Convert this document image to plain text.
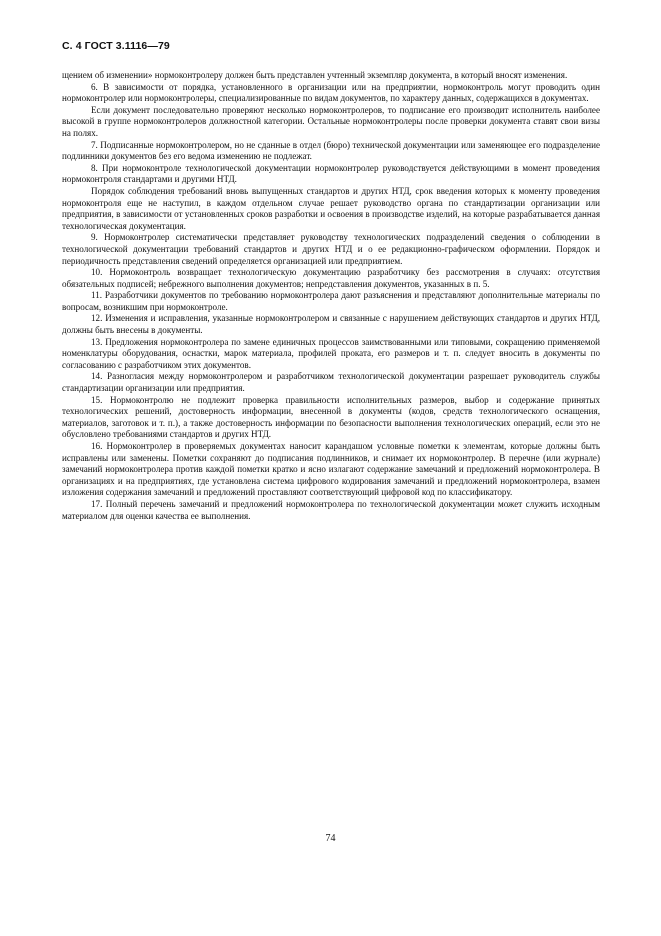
С. 4 ГОСТ 3.1116—79

щением об изменении» нормоконтролеру должен быть представлен учтенный экземпляр документа, в который вносят изменения.

6. В зависимости от порядка, установленного в организации или на предприятии, нормоконтроль могут проводить один нормоконтролер или нормоконтролеры, специализированные по видам документов, по характеру данных, содержащихся в документах.

Если документ последовательно проверяют несколько нормоконтролеров, то подписание его производит исполнитель наиболее высокой в группе нормоконтролеров должностной категории. Остальные нормоконтролеры после проверки документа ставят свои визы на полях.

7. Подписанные нормоконтролером, но не сданные в отдел (бюро) технической документации или заменяющее его подразделение подлинники документов без его ведома изменению не подлежат.

8. При нормоконтроле технологической документации нормоконтролер руководствуется действующими в момент проведения нормоконтроля стандартами и другими НТД.

Порядок соблюдения требований вновь выпущенных стандартов и других НТД, срок введения которых к моменту проведения нормоконтроля еще не наступил, в каждом отдельном случае решает руководство органа по стандартизации организации или предприятия, в зависимости от установленных сроков разработки и освоения в производстве изделий, на которые разрабатывается данная технологическая документация.

9. Нормоконтролер систематически представляет руководству технологических подразделений сведения о соблюдении в технологической документации требований стандартов и других НТД и о ее редакционно-графическом оформлении. Порядок и периодичность представления сведений определяется организацией или предприятием.

10. Нормоконтроль возвращает технологическую документацию разработчику без рассмотрения в случаях: отсутствия обязательных подписей; небрежного выполнения документов; непредставления документов, указанных в п. 5.

11. Разработчики документов по требованию нормоконтролера дают разъяснения и представляют дополнительные материалы по вопросам, возникшим при нормоконтроле.

12. Изменения и исправления, указанные нормоконтролером и связанные с нарушением действующих стандартов и других НТД, должны быть внесены в документы.

13. Предложения нормоконтролера по замене единичных процессов заимствованными или типовыми, сокращению применяемой номенклатуры оборудования, оснастки, марок материала, профилей проката, его размеров и т. п. следует вносить в документы по согласованию с разработчиком этих документов.

14. Разногласия между нормоконтролером и разработчиком технологической документации разрешает руководитель службы стандартизации организации или предприятия.

15. Нормоконтролю не подлежит проверка правильности исполнительных размеров, выбор и содержание принятых технологических решений, достоверность информации, внесенной в документы (кодов, средств технологического оснащения, материалов, заготовок и т. п.), а также достоверность информации по безопасности выполнения технологических операций, если это не обусловлено требованиями стандартов и других НТД.

16. Нормоконтролер в проверяемых документах наносит карандашом условные пометки к элементам, которые должны быть исправлены или заменены. Пометки сохраняют до подписания подлинников, и снимает их нормоконтролер. В перечне (или журнале) замечаний нормоконтролера против каждой пометки кратко и ясно излагают содержание замечаний и предложений нормоконтролера. В организациях и на предприятиях, где установлена система цифрового кодирования замечаний и предложений нормоконтролера, взамен изложения содержания замечаний и предложений проставляют соответствующий цифровой код по классификатору.

17. Полный перечень замечаний и предложений нормоконтролера по технологической документации может служить исходным материалом для оценки качества ее выполнения.

74
